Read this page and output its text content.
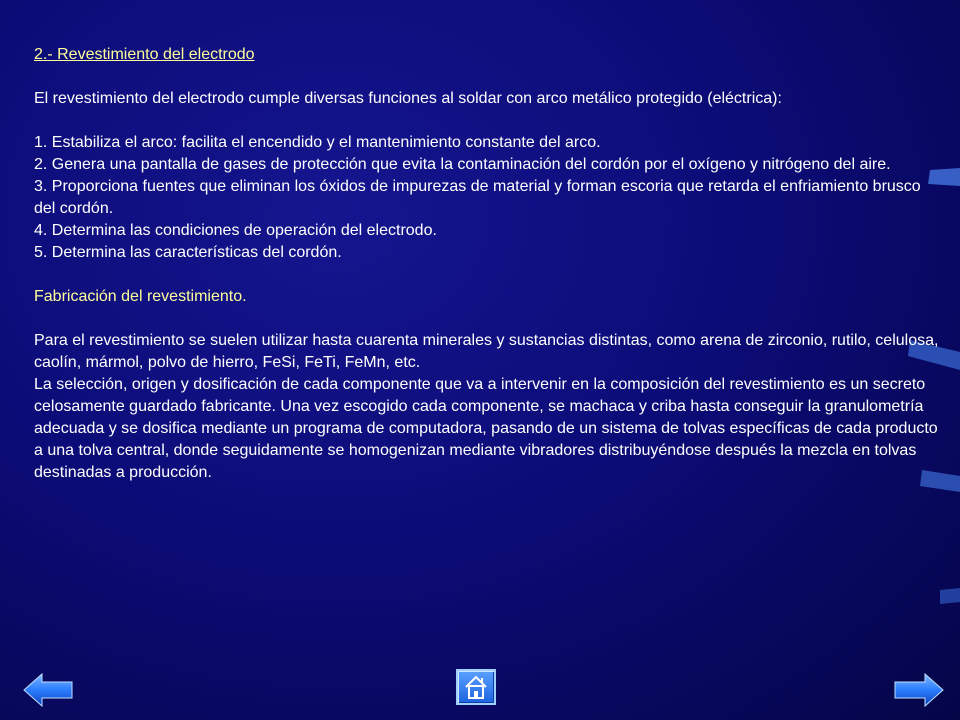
2.- Revestimiento del electrodo

El revestimiento del electrodo cumple diversas funciones al soldar con arco metálico protegido (eléctrica):

1. Estabiliza el arco: facilita el encendido y el mantenimiento constante del arco.

2. Genera una pantalla de gases de protección que evita la contaminación del cordón por el oxígeno y nitrógeno del aire.

3. Proporciona fuentes que eliminan los óxidos de impurezas de material y forman escoria que retarda el enfriamiento brusco del cordón.

4. Determina las condiciones de operación del electrodo.

5. Determina las características del cordón.

Fabricación del revestimiento.

Para el revestimiento se suelen utilizar hasta cuarenta minerales y sustancias distintas, como arena de zirconio, rutilo, celulosa, caolín, mármol, polvo de hierro, FeSi, FeTi, FeMn, etc.

La selección, origen y dosificación de cada componente que va a intervenir en la composición del revestimiento es un secreto celosamente guardado fabricante. Una vez escogido cada componente, se machaca y criba hasta conseguir la granulometría adecuada y se dosifica mediante un programa de computadora, pasando de un sistema de tolvas específicas de cada producto a una tolva central, donde seguidamente se homogenizan mediante vibradores distribuyéndose después la mezcla en tolvas destinadas a producción.
